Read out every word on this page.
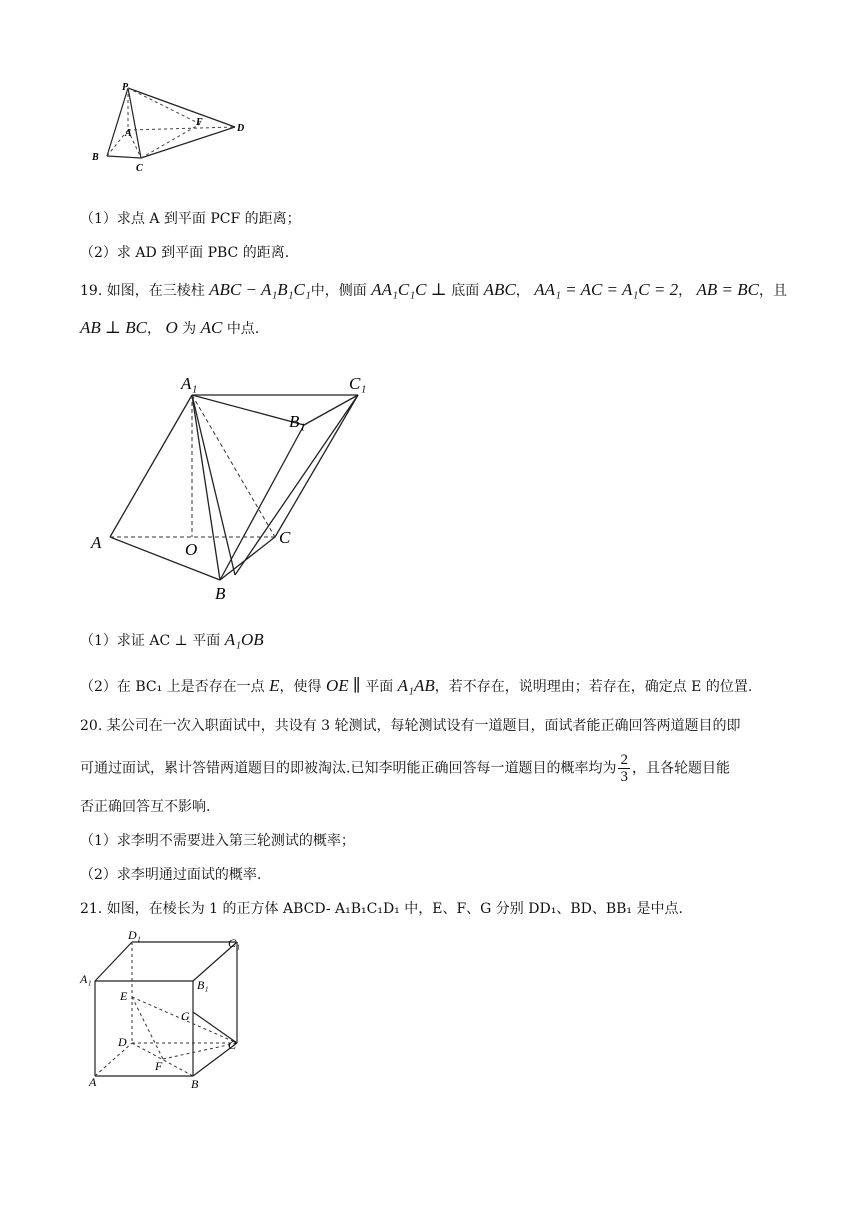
P
A
F
D
B
C
（1）求点 A 到平面 PCF 的距离；
（2）求 AD 到平面 PBC 的距离.
19. 如图，在三棱柱 ABC − A₁B₁C₁中，侧面 AA₁C₁C ⊥ 底面 ABC， AA₁ = AC = A₁C = 2， AB = BC，且
AB ⊥ BC， O 为 AC 中点.
A₁	C₁
B₁
A	O
C
B
（1）求证 AC ⊥ 平面 A₁OB
（2）在 BC₁ 上是否存在一点 E，使得 OE ∥ 平面 A₁AB，若不存在，说明理由；若存在，确定点 E 的位置.
20. 某公司在一次入职面试中，共设有 3 轮测试，每轮测试设有一道题目，面试者能正确回答两道题目的即
可通过面试，累计答错两道题目的即被淘汰.已知李明能正确回答每一道题目的概率均为 $\frac{2}{3}$ ，且各轮题目能
否正确回答互不影响.
（1）求李明不需要进入第三轮测试的概率；
（2）求李明通过面试的概率.
21. 如图，在棱长为 1 的正方体 ABCD- A₁B₁C₁D₁ 中，E、F、G 分别 DD₁、BD、BB₁ 是中点.
D₁
C₁
A₁	B₁
E
G
D	C
F
A	B
